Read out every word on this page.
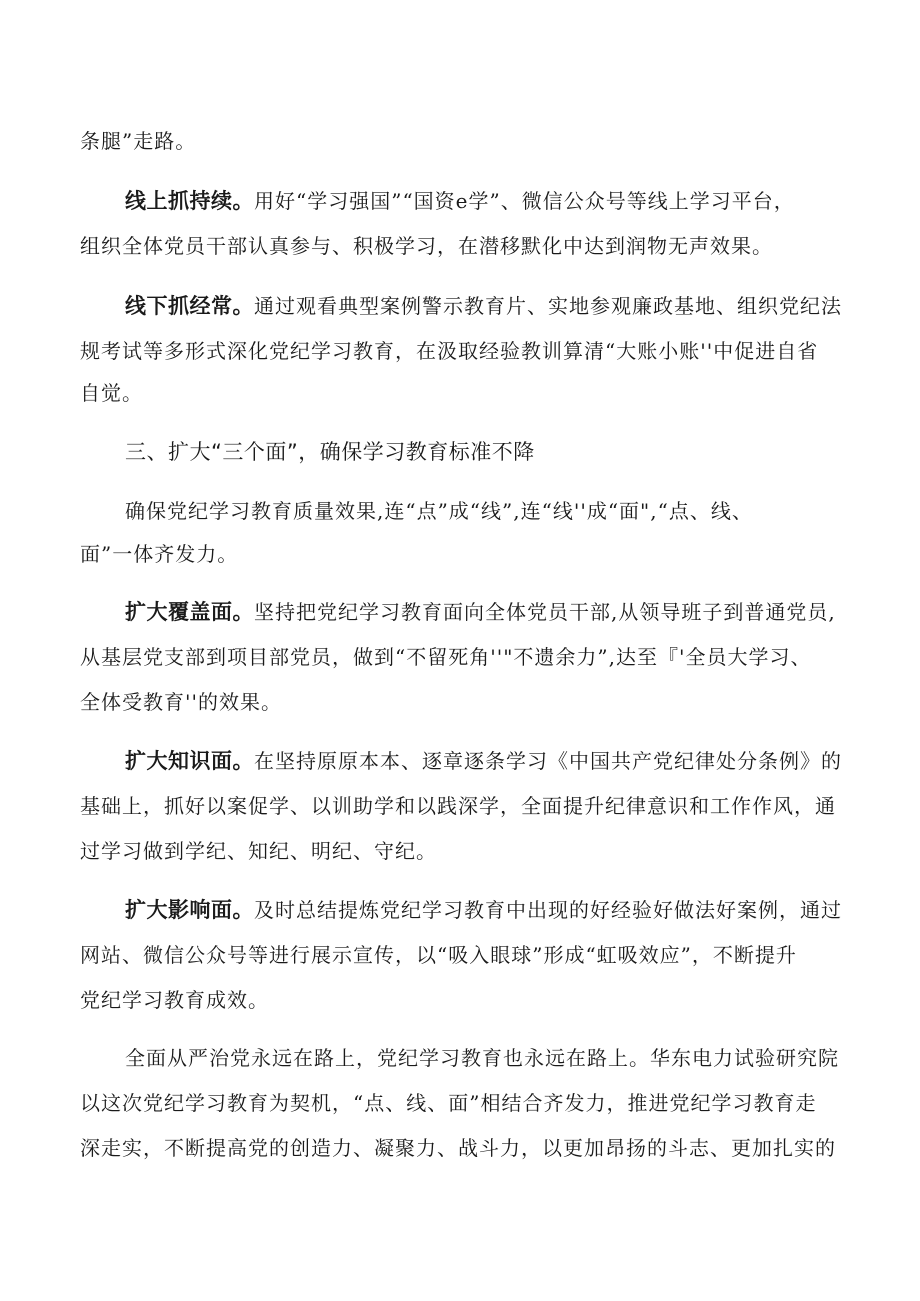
条腿”走路。
线上抓持续。用好“学习强国”“国资e学”、微信公众号等线上学习平台，
组织全体党员干部认真参与、积极学习，在潜移默化中达到润物无声效果。
线下抓经常。通过观看典型案例警示教育片、实地参观廉政基地、组织党纪法
规考试等多形式深化党纪学习教育，在汲取经验教训算清“大账小账''中促进自省
自觉。
三、扩大“三个面”，确保学习教育标准不降
确保党纪学习教育质量效果,连“点”成“线”,连“线''成“面",“点、线、
面”一体齐发力。
扩大覆盖面。坚持把党纪学习教育面向全体党员干部,从领导班子到普通党员,
从基层党支部到项目部党员，做到“不留死角''"不遗余力”,达至『'全员大学习、
全体受教育''的效果。
扩大知识面。在坚持原原本本、逐章逐条学习《中国共产党纪律处分条例》的
基础上，抓好以案促学、以训助学和以践深学，全面提升纪律意识和工作作风，通
过学习做到学纪、知纪、明纪、守纪。
扩大影响面。及时总结提炼党纪学习教育中出现的好经验好做法好案例，通过
网站、微信公众号等进行展示宣传，以“吸入眼球”形成“虹吸效应”，不断提升
党纪学习教育成效。
全面从严治党永远在路上，党纪学习教育也永远在路上。华东电力试验研究院
以这次党纪学习教育为契机，“点、线、面”相结合齐发力，推进党纪学习教育走
深走实，不断提高党的创造力、凝聚力、战斗力，以更加昂扬的斗志、更加扎实的
